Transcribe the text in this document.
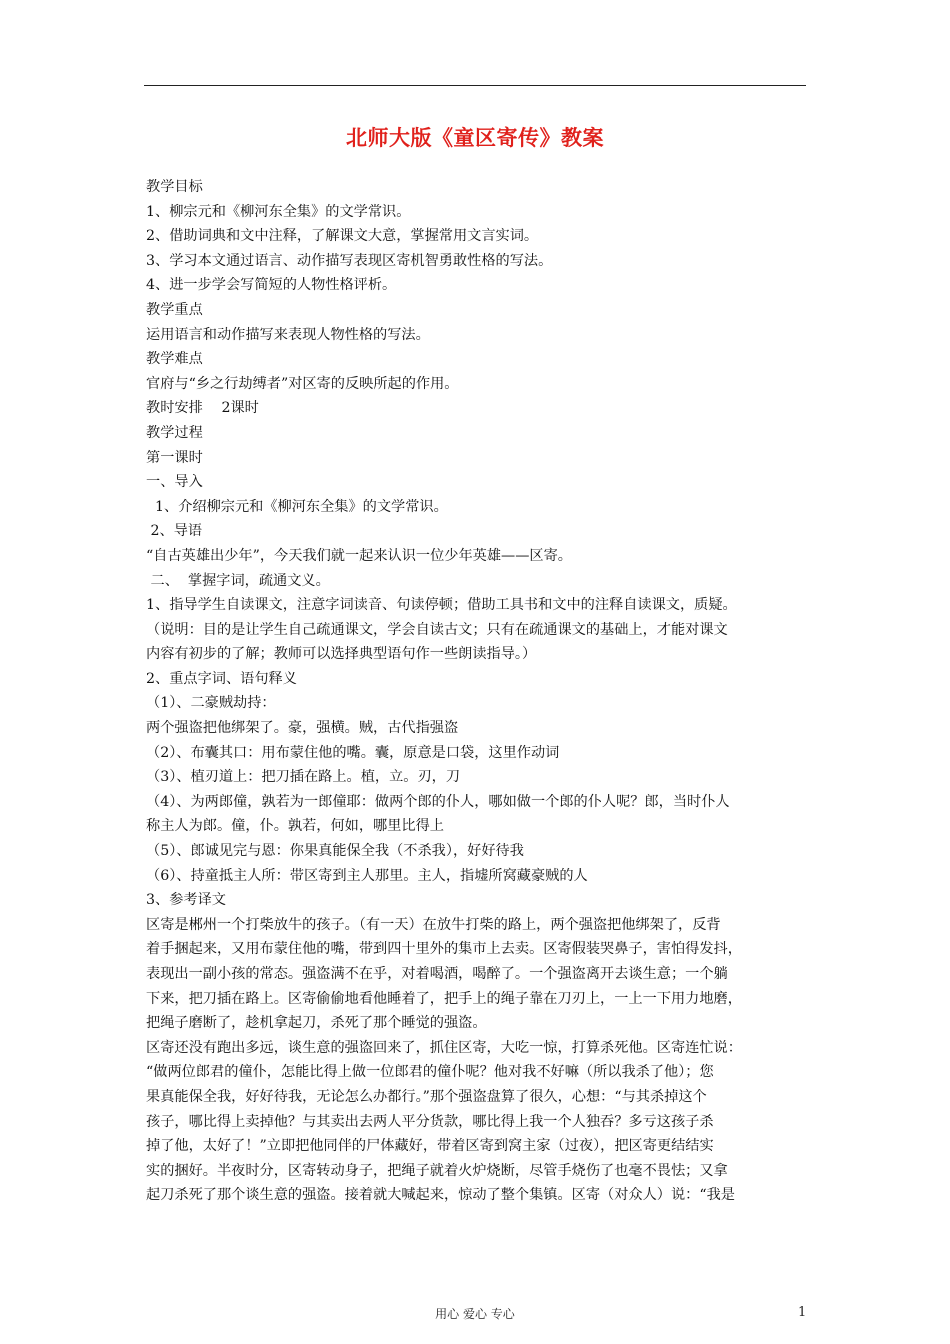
北师大版《童区寄传》教案

教学目标

1、柳宗元和《柳河东全集》的文学常识。

2、借助词典和文中注释，了解课文大意，掌握常用文言实词。

3、学习本文通过语言、动作描写表现区寄机智勇敢性格的写法。

4、进一步学会写简短的人物性格评析。

教学重点

运用语言和动作描写来表现人物性格的写法。

教学难点

官府与“乡之行劫缚者”对区寄的反映所起的作用。

教时安排　 2课时

教学过程

第一课时

一、导入

1、介绍柳宗元和《柳河东全集》的文学常识。

2、导语

“自古英雄出少年”，今天我们就一起来认识一位少年英雄——区寄。

二、  掌握字词，疏通文义。

1、指导学生自读课文，注意字词读音、句读停顿；借助工具书和文中的注释自读课文，质疑。

（说明：目的是让学生自己疏通课文，学会自读古文；只有在疏通课文的基础上，才能对课文

内容有初步的了解；教师可以选择典型语句作一些朗读指导。）

2、重点字词、语句释义

（1）、二豪贼劫持：

两个强盗把他绑架了。豪，强横。贼，古代指强盗

（2）、布囊其口：用布蒙住他的嘴。囊，原意是口袋，这里作动词

（3）、植刃道上：把刀插在路上。植，立。刃，刀

（4）、为两郎僮，孰若为一郎僮耶：做两个郎的仆人，哪如做一个郎的仆人呢？郎，当时仆人

称主人为郎。僮，仆。孰若，何如，哪里比得上

（5）、郎诚见完与恩：你果真能保全我（不杀我），好好待我

（6）、持童抵主人所：带区寄到主人那里。主人，指墟所窝藏豪贼的人

3、参考译文

区寄是郴州一个打柴放牛的孩子。（有一天）在放牛打柴的路上，两个强盗把他绑架了，反背

着手捆起来，又用布蒙住他的嘴，带到四十里外的集市上去卖。区寄假装哭鼻子，害怕得发抖，

表现出一副小孩的常态。强盗满不在乎，对着喝酒，喝醉了。一个强盗离开去谈生意；一个躺

下来，把刀插在路上。区寄偷偷地看他睡着了，把手上的绳子靠在刀刃上，一上一下用力地磨，

把绳子磨断了，趁机拿起刀，杀死了那个睡觉的强盗。

区寄还没有跑出多远，谈生意的强盗回来了，抓住区寄，大吃一惊，打算杀死他。区寄连忙说：

“做两位郎君的僮仆，怎能比得上做一位郎君的僮仆呢？他对我不好嘛（所以我杀了他）；您

果真能保全我，好好待我，无论怎么办都行。”那个强盗盘算了很久，心想：“与其杀掉这个

孩子，哪比得上卖掉他？与其卖出去两人平分货款，哪比得上我一个人独吞？多亏这孩子杀

掉了他，太好了！”立即把他同伴的尸体藏好，带着区寄到窝主家（过夜），把区寄更结结实

实的捆好。半夜时分，区寄转动身子，把绳子就着火炉烧断，尽管手烧伤了也毫不畏怯；又拿

起刀杀死了那个谈生意的强盗。接着就大喊起来，惊动了整个集镇。区寄（对众人）说：“我是

用心 爱心 专心	1
